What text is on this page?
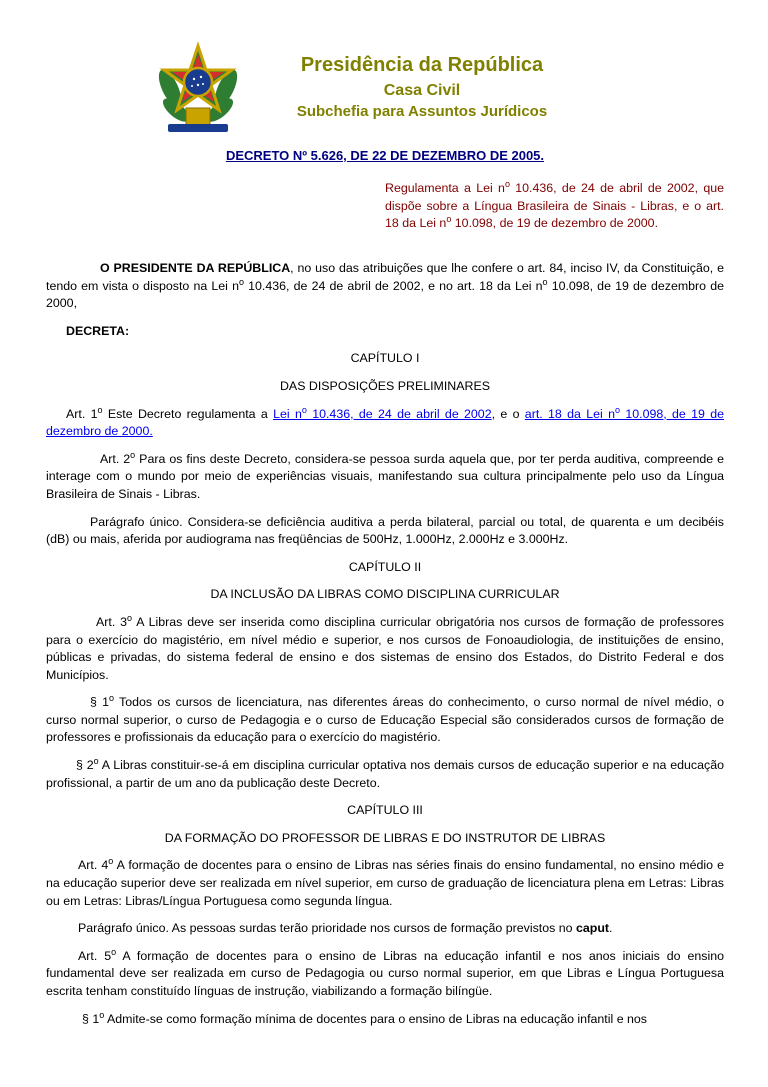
Presidência da República
Casa Civil
Subchefia para Assuntos Jurídicos
DECRETO Nº 5.626, DE 22 DE DEZEMBRO DE 2005.

Regulamenta a Lei $n^o$ 10.436, de 24 de abril de 2002, que dispõe sobre a Língua Brasileira de Sinais - Libras, e o art. 18 da Lei $n^o$ 10.098, de 19 de dezembro de 2000.

O PRESIDENTE DA REPÚBLICA, no uso das atribuições que lhe confere o art. 84, inciso IV, da Constituição, e tendo em vista o disposto na Lei $n^o$ 10.436, de 24 de abril de 2002, e no art. 18 da Lei $n^o$ 10.098, de 19 de dezembro de 2000,

DECRETA:

CAPÍTULO I

DAS DISPOSIÇÕES PRELIMINARES

Art. 1$^o$ Este Decreto regulamenta a Lei n$^o$ 10.436, de 24 de abril de 2002, e o art. 18 da Lei n$^o$ 10.098, de 19 de dezembro de 2000.

Art. 2$^o$ Para os fins deste Decreto, considera-se pessoa surda aquela que, por ter perda auditiva, compreende e interage com o mundo por meio de experiências visuais, manifestando sua cultura principalmente pelo uso da Língua Brasileira de Sinais - Libras.

Parágrafo único. Considera-se deficiência auditiva a perda bilateral, parcial ou total, de quarenta e um decibéis (dB) ou mais, aferida por audiograma nas freqüências de 500Hz, 1.000Hz, 2.000Hz e 3.000Hz.

CAPÍTULO II

DA INCLUSÃO DA LIBRAS COMO DISCIPLINA CURRICULAR

Art. 3$^o$ A Libras deve ser inserida como disciplina curricular obrigatória nos cursos de formação de professores para o exercício do magistério, em nível médio e superior, e nos cursos de Fonoaudiologia, de instituições de ensino, públicas e privadas, do sistema federal de ensino e dos sistemas de ensino dos Estados, do Distrito Federal e dos Municípios.

§ 1$^o$ Todos os cursos de licenciatura, nas diferentes áreas do conhecimento, o curso normal de nível médio, o curso normal superior, o curso de Pedagogia e o curso de Educação Especial são considerados cursos de formação de professores e profissionais da educação para o exercício do magistério.

§ 2$^o$ A Libras constituir-se-á em disciplina curricular optativa nos demais cursos de educação superior e na educação profissional, a partir de um ano da publicação deste Decreto.

CAPÍTULO III

DA FORMAÇÃO DO PROFESSOR DE LIBRAS E DO INSTRUTOR DE LIBRAS

Art. 4$^o$ A formação de docentes para o ensino de Libras nas séries finais do ensino fundamental, no ensino médio e na educação superior deve ser realizada em nível superior, em curso de graduação de licenciatura plena em Letras: Libras ou em Letras: Libras/Língua Portuguesa como segunda língua.

Parágrafo único. As pessoas surdas terão prioridade nos cursos de formação previstos no caput.

Art. 5$^o$ A formação de docentes para o ensino de Libras na educação infantil e nos anos iniciais do ensino fundamental deve ser realizada em curso de Pedagogia ou curso normal superior, em que Libras e Língua Portuguesa escrita tenham constituído línguas de instrução, viabilizando a formação bilíngüe.

§ 1$^o$ Admite-se como formação mínima de docentes para o ensino de Libras na educação infantil e nos
